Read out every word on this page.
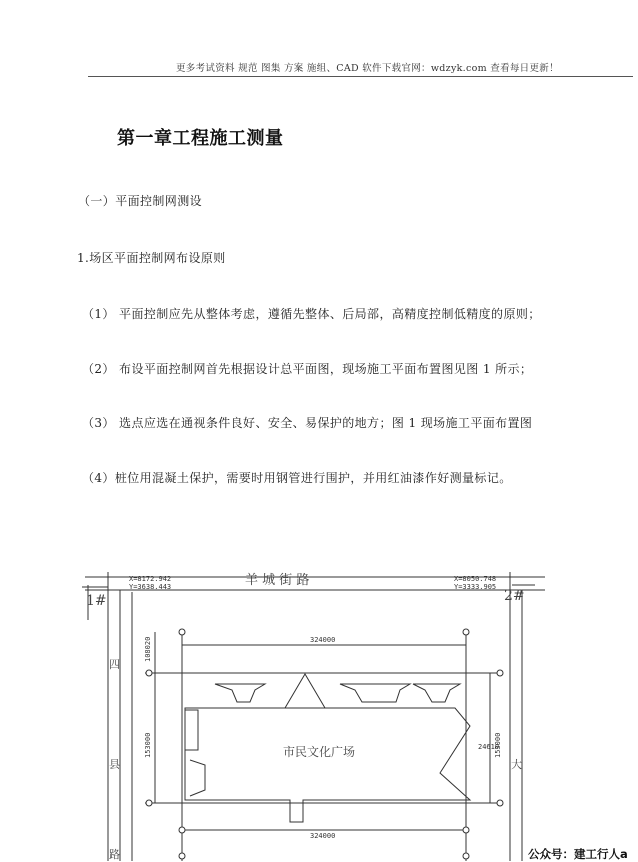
更多考试资料 规范 图集 方案 施组、CAD 软件下载官网：wdzyk.com 查看每日更新！
第一章工程施工测量
（一）平面控制网测设
1.场区平面控制网布设原则
（1） 平面控制应先从整体考虑，遵循先整体、后局部，高精度控制低精度的原则；
（2） 布设平面控制网首先根据设计总平面图，现场施工平面布置图见图 1 所示；
（3） 选点应选在通视条件良好、安全、易保护的地方；图 1 现场施工平面布置图
（4）桩位用混凝土保护，需要时用钢管进行围护，并用红油漆作好测量标记。
X=8172.942
Y=3638.443
X=8050.748
Y=3333.905
324000
324000
24610
108020
153000	153000
羊 城 街 路
市民文化广场
1#	2#
四
县
路
大
公众号：建工行人a
